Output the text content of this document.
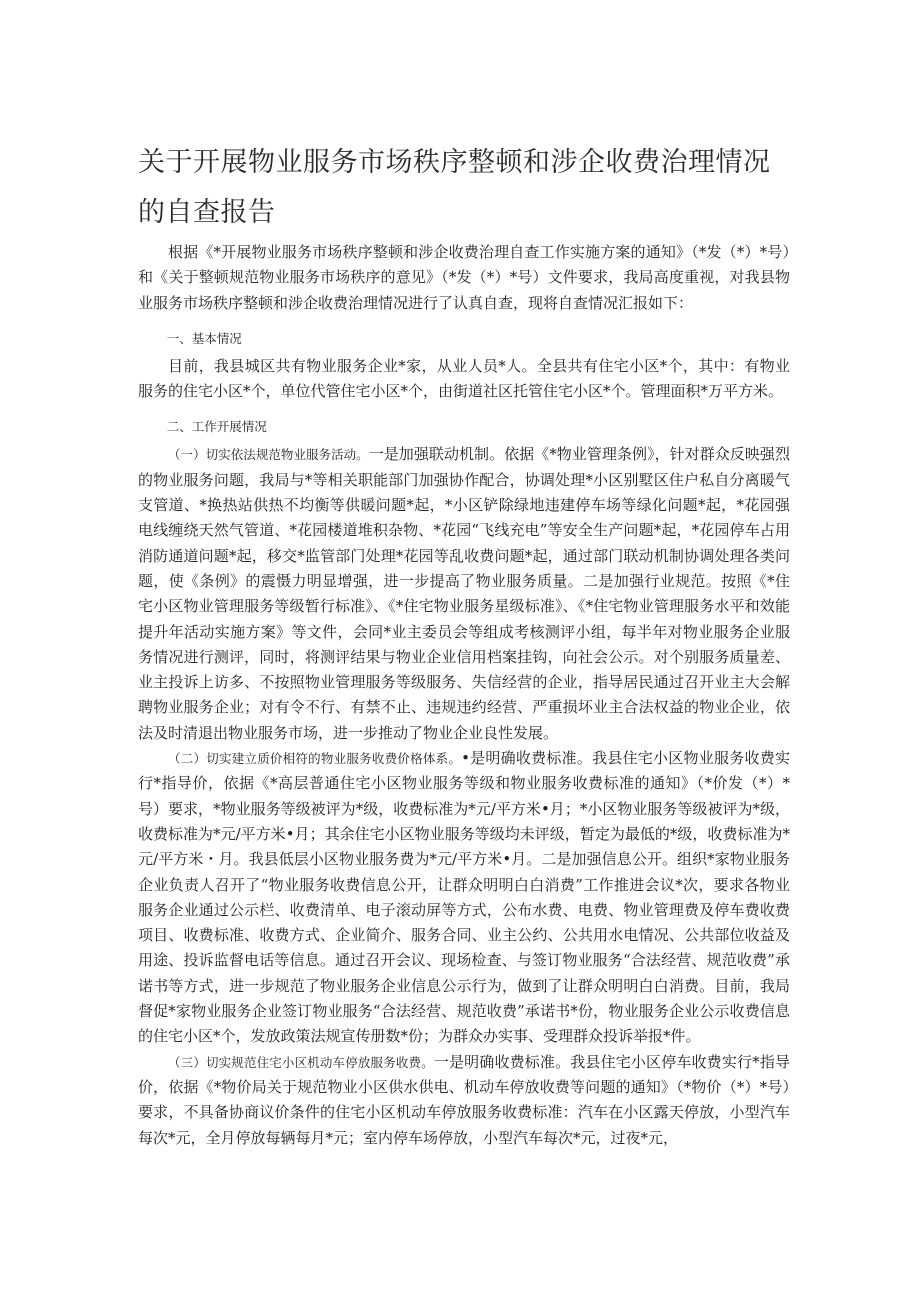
关于开展物业服务市场秩序整顿和涉企收费治理情况的自查报告

根据《*开展物业服务市场秩序整顿和涉企收费治理自查工作实施方案的通知》（*发（*）*号）和《关于整顿规范物业服务市场秩序的意见》（*发（*）*号）文件要求，我局高度重视，对我县物业服务市场秩序整顿和涉企收费治理情况进行了认真自查，现将自查情况汇报如下：

一、基本情况

目前，我县城区共有物业服务企业*家，从业人员*人。全县共有住宅小区*个，其中：有物业服务的住宅小区*个，单位代管住宅小区*个，由街道社区托管住宅小区*个。管理面积*万平方米。

二、工作开展情况

（一）切实依法规范物业服务活动。一是加强联动机制。依据《*物业管理条例》，针对群众反映强烈的物业服务问题，我局与*等相关职能部门加强协作配合，协调处理*小区别墅区住户私自分离暖气支管道、*换热站供热不均衡等供暖问题*起，*小区铲除绿地违建停车场等绿化问题*起，*花园强电线缠绕天然气管道、*花园楼道堆积杂物、*花园“飞线充电”等安全生产问题*起，*花园停车占用消防通道问题*起，移交*监管部门处理*花园等乱收费问题*起，通过部门联动机制协调处理各类问题，使《条例》的震慑力明显增强，进一步提高了物业服务质量。二是加强行业规范。按照《*住宅小区物业管理服务等级暂行标准》、《*住宅物业服务星级标准》、《*住宅物业管理服务水平和效能提升年活动实施方案》等文件，会同*业主委员会等组成考核测评小组，每半年对物业服务企业服务情况进行测评，同时，将测评结果与物业企业信用档案挂钩，向社会公示。对个别服务质量差、业主投诉上访多、不按照物业管理服务等级服务、失信经营的企业，指导居民通过召开业主大会解聘物业服务企业；对有令不行、有禁不止、违规违约经营、严重损坏业主合法权益的物业企业，依法及时清退出物业服务市场，进一步推动了物业企业良性发展。

（二）切实建立质价相符的物业服务收费价格体系。•是明确收费标准。我县住宅小区物业服务收费实行*指导价，依据《*高层普通住宅小区物业服务等级和物业服务收费标准的通知》（*价发（*）*号）要求，*物业服务等级被评为*级，收费标准为*元/平方米•月；*小区物业服务等级被评为*级，收费标准为*元/平方米•月；其余住宅小区物业服务等级均未评级，暂定为最低的*级，收费标准为*元/平方米・月。我县低层小区物业服务费为*元/平方米•月。二是加强信息公开。组织*家物业服务企业负责人召开了“物业服务收费信息公开，让群众明明白白消费”工作推进会议*次，要求各物业服务企业通过公示栏、收费清单、电子滚动屏等方式，公布水费、电费、物业管理费及停车费收费项目、收费标准、收费方式、企业简介、服务合同、业主公约、公共用水电情况、公共部位收益及用途、投诉监督电话等信息。通过召开会议、现场检查、与签订物业服务“合法经营、规范收费”承诺书等方式，进一步规范了物业服务企业信息公示行为，做到了让群众明明白白消费。目前，我局督促*家物业服务企业签订物业服务“合法经营、规范收费”承诺书*份，物业服务企业公示收费信息的住宅小区*个，发放政策法规宣传册数*份；为群众办实事、受理群众投诉举报*件。

（三）切实规范住宅小区机动车停放服务收费。一是明确收费标准。我县住宅小区停车收费实行*指导价，依据《*物价局关于规范物业小区供水供电、机动车停放收费等问题的通知》（*物价（*）*号）要求，不具备协商议价条件的住宅小区机动车停放服务收费标准：汽车在小区露天停放，小型汽车每次*元，全月停放每辆每月*元；室内停车场停放，小型汽车每次*元，过夜*元，
